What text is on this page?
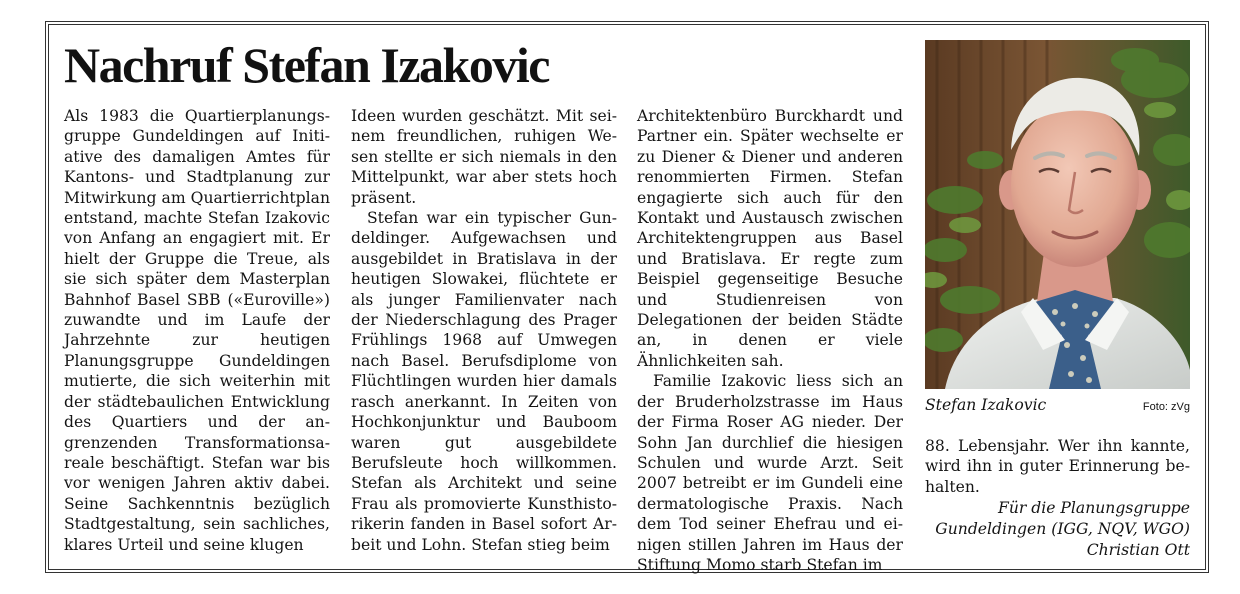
Nachruf Stefan Izakovic

Als 1983 die Quartierplanungsgruppe Gundeldingen auf Initiative des damaligen Amtes für Kantons- und Stadtplanung zur Mitwirkung am Quartierrichtplan entstand, machte Stefan Izakovic von Anfang an engagiert mit. Er hielt der Gruppe die Treue, als sie sich später dem Masterplan Bahnhof Basel SBB («Euroville») zuwandte und im Laufe der Jahrzehnte zur heutigen Planungsgruppe Gundeldingen mutierte, die sich weiterhin mit der städtebaulichen Entwicklung des Quartiers und der angrenzenden Transformationsareale beschäftigt. Stefan war bis vor wenigen Jahren aktiv dabei. Seine Sachkenntnis bezüglich Stadtgestaltung, sein sachliches, klares Urteil und seine klugen

Ideen wurden geschätzt. Mit seinem freundlichen, ruhigen Wesen stellte er sich niemals in den Mittelpunkt, war aber stets hoch präsent.

Stefan war ein typischer Gundeldinger. Aufgewachsen und ausgebildet in Bratislava in der heutigen Slowakei, flüchtete er als junger Familienvater nach der Niederschlagung des Prager Frühlings 1968 auf Umwegen nach Basel. Berufsdiplome von Flüchtlingen wurden hier damals rasch anerkannt. In Zeiten von Hochkonjunktur und Bauboom waren gut ausgebildete Berufsleute hoch willkommen. Stefan als Architekt und seine Frau als promovierte Kunsthistorikerin fanden in Basel sofort Arbeit und Lohn. Stefan stieg beim

Architektenbüro Burckhardt und Partner ein. Später wechselte er zu Diener & Diener und anderen renommierten Firmen. Stefan engagierte sich auch für den Kontakt und Austausch zwischen Architektengruppen aus Basel und Bratislava. Er regte zum Beispiel gegenseitige Besuche und Studienreisen von Delegationen der beiden Städte an, in denen er viele Ähnlichkeiten sah.

Familie Izakovic liess sich an der Bruderholzstrasse im Haus der Firma Roser AG nieder. Der Sohn Jan durchlief die hiesigen Schulen und wurde Arzt. Seit 2007 betreibt er im Gundeli eine dermatologische Praxis. Nach dem Tod seiner Ehefrau und einigen stillen Jahren im Haus der Stiftung Momo starb Stefan im

Stefan Izakovic	Foto: zVg

88. Lebensjahr. Wer ihn kannte, wird ihn in guter Erinnerung behalten.

Für die Planungsgruppe
Gundeldingen (IGG, NQV, WGO)
Christian Ott
